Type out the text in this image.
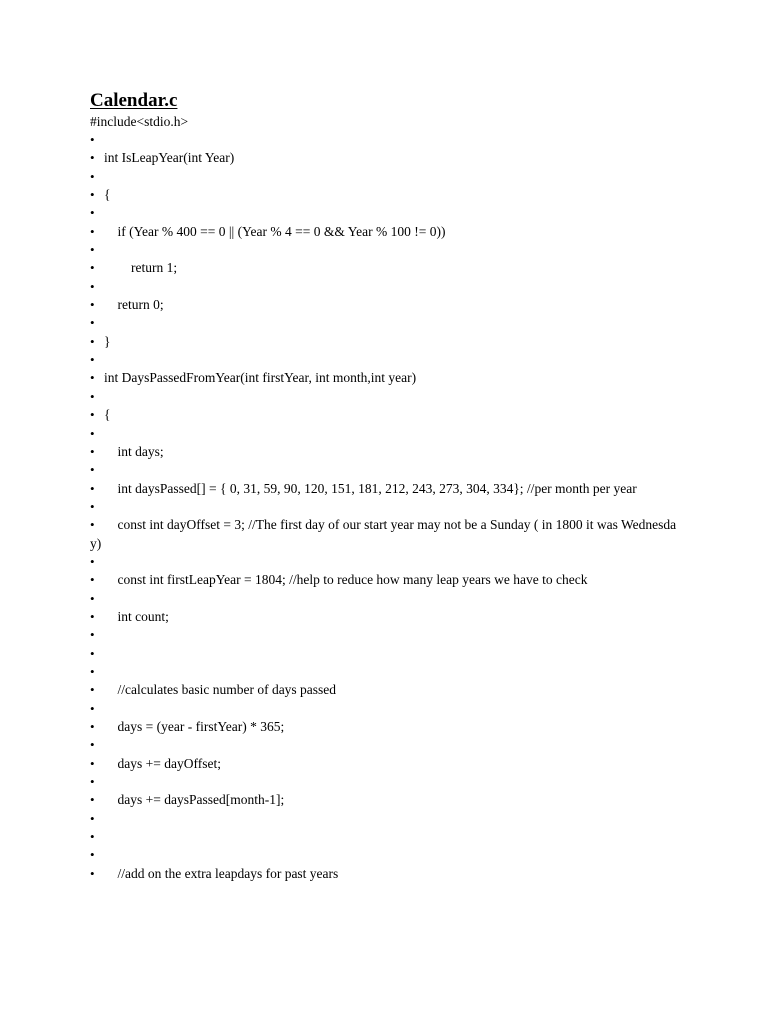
Calendar.c
#include<stdio.h>
•
• int IsLeapYear(int Year)
•
• {
•
•    if (Year % 400 == 0 || (Year % 4 == 0 && Year % 100 != 0))
•
•        return 1;
•
•    return 0;
•
• }
•
• int DaysPassedFromYear(int firstYear, int month,int year)
•
• {
•
•    int days;
•
•    int daysPassed[] = { 0, 31, 59, 90, 120, 151, 181, 212, 243, 273, 304, 334}; //per month per year
•
•    const int dayOffset = 3; //The first day of our start year may not be a Sunday ( in 1800 it was Wednesday)
•
•    const int firstLeapYear = 1804; //help to reduce how many leap years we have to check
•
•    int count;
•
•
•
•    //calculates basic number of days passed
•
•    days = (year - firstYear) * 365;
•
•    days += dayOffset;
•
•    days += daysPassed[month-1];
•
•
•
•    //add on the extra leapdays for past years
